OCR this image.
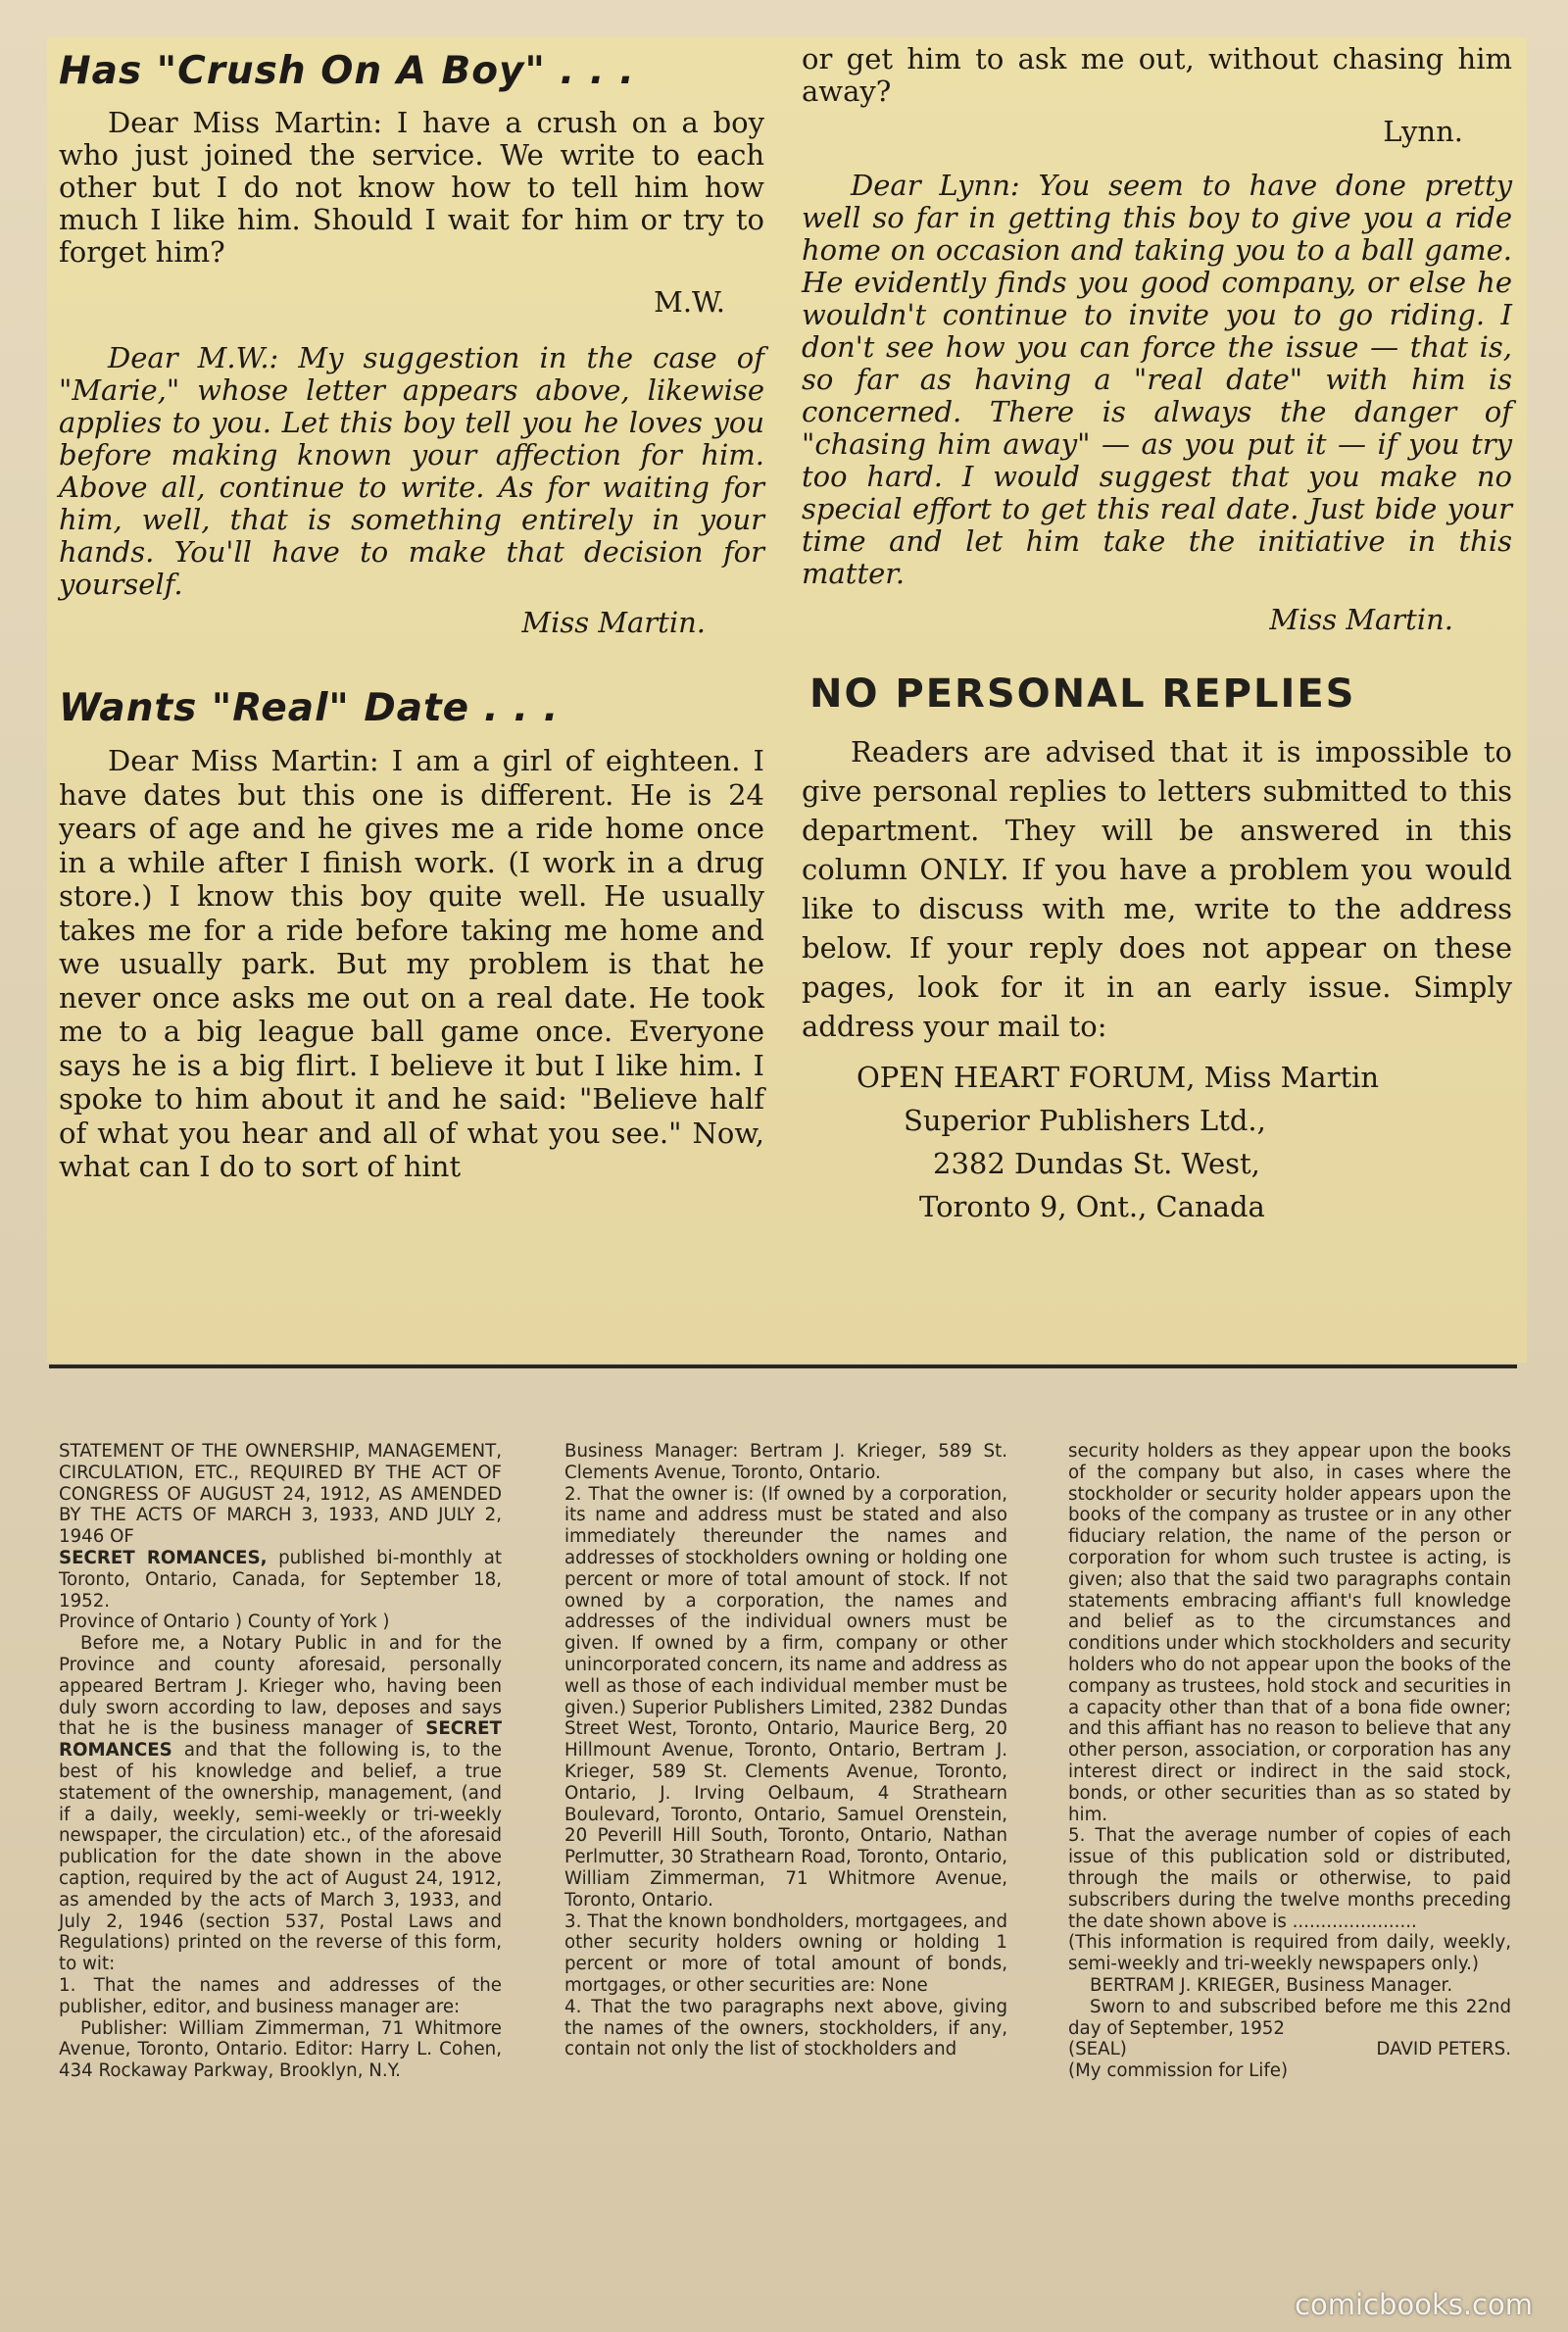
Has "Crush On A Boy" . . .

Dear Miss Martin: I have a crush on a boy who just joined the service. We write to each other but I do not know how to tell him how much I like him. Should I wait for him or try to forget him?

M.W.

Dear M.W.: My suggestion in the case of "Marie," whose letter appears above, likewise applies to you. Let this boy tell you he loves you before making known your affection for him. Above all, continue to write. As for waiting for him, well, that is something entirely in your hands. You'll have to make that decision for yourself.

Miss Martin.
Wants "Real" Date . . .

Dear Miss Martin: I am a girl of eighteen. I have dates but this one is different. He is 24 years of age and he gives me a ride home once in a while after I finish work. (I work in a drug store.) I know this boy quite well. He usually takes me for a ride before taking me home and we usually park. But my problem is that he never once asks me out on a real date. He took me to a big league ball game once. Everyone says he is a big flirt. I believe it but I like him. I spoke to him about it and he said: "Believe half of what you hear and all of what you see." Now, what can I do to sort of hint

or get him to ask me out, without chasing him away?

Lynn.

Dear Lynn: You seem to have done pretty well so far in getting this boy to give you a ride home on occasion and taking you to a ball game. He evidently finds you good company, or else he wouldn't continue to invite you to go riding. I don't see how you can force the issue — that is, so far as having a "real date" with him is concerned. There is always the danger of "chasing him away" — as you put it — if you try too hard. I would suggest that you make no special effort to get this real date. Just bide your time and let him take the initiative in this matter.

Miss Martin.
NO PERSONAL REPLIES

Readers are advised that it is impossible to give personal replies to letters submitted to this department. They will be answered in this column ONLY. If you have a problem you would like to discuss with me, write to the address below. If your reply does not appear on these pages, look for it in an early issue. Simply address your mail to:

OPEN HEART FORUM, Miss Martin
Superior Publishers Ltd.,
2382 Dundas St. West,
Toronto 9, Ont., Canada

STATEMENT OF THE OWNERSHIP, MANAGEMENT, CIRCULATION, ETC., REQUIRED BY THE ACT OF CONGRESS OF AUGUST 24, 1912, AS AMENDED BY THE ACTS OF MARCH 3, 1933, AND JULY 2, 1946 OF

SECRET ROMANCES, published bi-monthly at Toronto, Ontario, Canada, for September 18, 1952.

Province of Ontario ) County of York )

Before me, a Notary Public in and for the Province and county aforesaid, personally appeared Bertram J. Krieger who, having been duly sworn according to law, deposes and says that he is the business manager of SECRET ROMANCES and that the following is, to the best of his knowledge and belief, a true statement of the ownership, management, (and if a daily, weekly, semi-weekly or tri-weekly newspaper, the circulation) etc., of the aforesaid publication for the date shown in the above caption, required by the act of August 24, 1912, as amended by the acts of March 3, 1933, and July 2, 1946 (section 537, Postal Laws and Regulations) printed on the reverse of this form, to wit:

1. That the names and addresses of the publisher, editor, and business manager are:

Publisher: William Zimmerman, 71 Whitmore Avenue, Toronto, Ontario. Editor: Harry L. Cohen, 434 Rockaway Parkway, Brooklyn, N.Y.

Business Manager: Bertram J. Krieger, 589 St. Clements Avenue, Toronto, Ontario.

2. That the owner is: (If owned by a corporation, its name and address must be stated and also immediately thereunder the names and addresses of stockholders owning or holding one percent or more of total amount of stock. If not owned by a corporation, the names and addresses of the individual owners must be given. If owned by a firm, company or other unincorporated concern, its name and address as well as those of each individual member must be given.) Superior Publishers Limited, 2382 Dundas Street West, Toronto, Ontario, Maurice Berg, 20 Hillmount Avenue, Toronto, Ontario, Bertram J. Krieger, 589 St. Clements Avenue, Toronto, Ontario, J. Irving Oelbaum, 4 Strathearn Boulevard, Toronto, Ontario, Samuel Orenstein, 20 Peverill Hill South, Toronto, Ontario, Nathan Perlmutter, 30 Strathearn Road, Toronto, Ontario, William Zimmerman, 71 Whitmore Avenue, Toronto, Ontario.

3. That the known bondholders, mortgagees, and other security holders owning or holding 1 percent or more of total amount of bonds, mortgages, or other securities are: None

4. That the two paragraphs next above, giving the names of the owners, stockholders, if any, contain not only the list of stockholders and

security holders as they appear upon the books of the company but also, in cases where the stockholder or security holder appears upon the books of the company as trustee or in any other fiduciary relation, the name of the person or corporation for whom such trustee is acting, is given; also that the said two paragraphs contain statements embracing affiant's full knowledge and belief as to the circumstances and conditions under which stockholders and security holders who do not appear upon the books of the company as trustees, hold stock and securities in a capacity other than that of a bona fide owner; and this affiant has no reason to believe that any other person, association, or corporation has any interest direct or indirect in the said stock, bonds, or other securities than as so stated by him.

5. That the average number of copies of each issue of this publication sold or distributed, through the mails or otherwise, to paid subscribers during the twelve months preceding the date shown above is ......................

(This information is required from daily, weekly, semi-weekly and tri-weekly newspapers only.)

BERTRAM J. KRIEGER, Business Manager.

Sworn to and subscribed before me this 22nd day of September, 1952

(SEAL)	DAVID PETERS.

(My commission for Life)

comicbooks.com
